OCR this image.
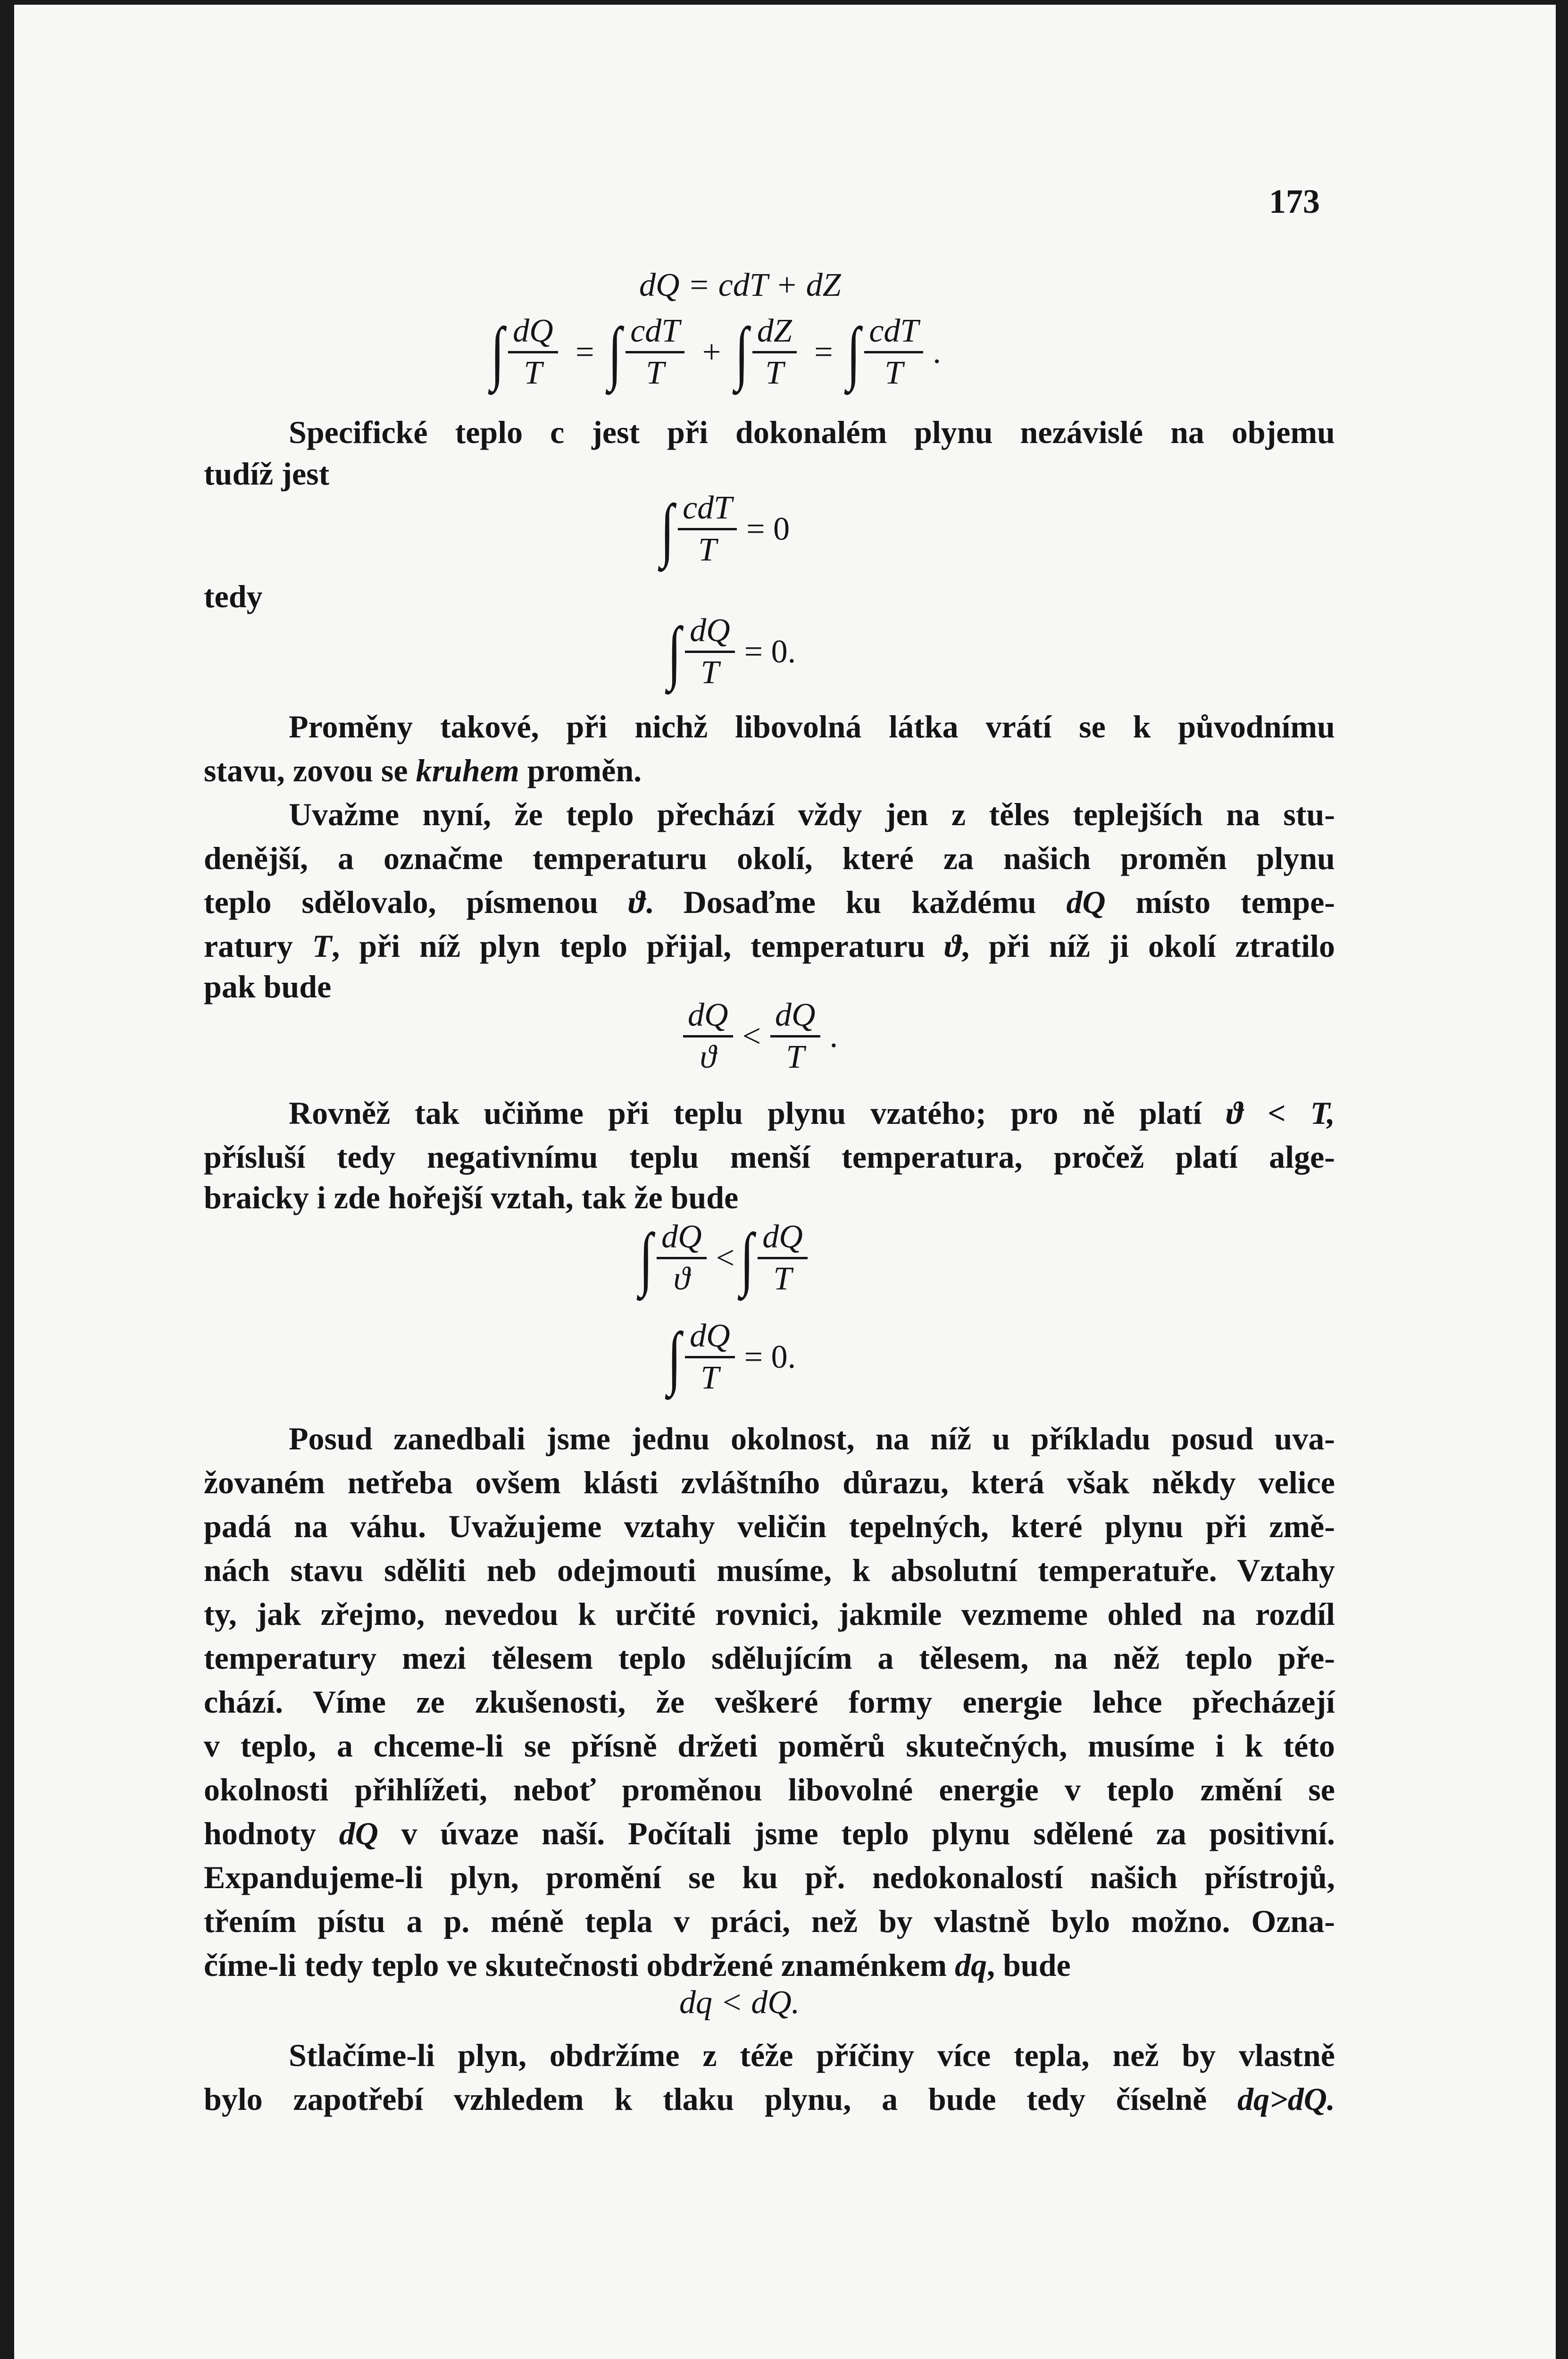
173
dQ = cdT + dZ
∫ $\frac{dQ}{T}$ = ∫ $\frac{\text{cdT}}{T}$ + ∫ $\frac{dZ}{T}$ = ∫ $\frac{\text{cdT}}{T}$ .
Specifické teplo c jest při dokonalém plynu nezávislé na objemu
tudíž jest
∫ $\frac{\text{cdT}}{T} = 0$
tedy
∫ $\frac{dQ}{T} = 0$.
Proměny takové, při nichž libovolná látka vrátí se k původnímu
stavu, zovou se kruhem proměn.
Uvažme nyní, že teplo přechází vždy jen z těles teplejších na stu-
denější, a označme temperaturu okolí, které za našich proměn plynu
teplo sdělovalo, písmenou ϑ. Dosaďme ku každému dQ místo tempe-
ratury T, při níž plyn teplo přijal, temperaturu ϑ, při níž ji okolí ztratilo
pak bude
$\frac{dQ}{ϑ} < \frac{dQ}{T}$ .
Rovněž tak učiňme při teplu plynu vzatého; pro ně platí ϑ < T,
přísluší tedy negativnímu teplu menší temperatura, pročež platí alge-
braicky i zde hořejší vztah, tak že bude
∫ $\frac{dQ}{ϑ}$ <∫ $\frac{dQ}{T}$
∫ $\frac{dQ}{T} = 0$.
Posud zanedbali jsme jednu okolnost, na níž u příkladu posud uva-
žovaném netřeba ovšem klásti zvláštního důrazu, která však někdy velice
padá na váhu. Uvažujeme vztahy veličin tepelných, které plynu při změ-
nách stavu sděliti neb odejmouti musíme, k absolutní temperatuře. Vztahy
ty, jak zřejmo, nevedou k určité rovnici, jakmile vezmeme ohled na rozdíl
temperatury mezi tělesem teplo sdělujícím a tělesem, na něž teplo pře-
chází. Víme ze zkušenosti, že veškeré formy energie lehce přecházejí
v teplo, a chceme-li se přísně držeti poměrů skutečných, musíme i k této
okolnosti přihlížeti, neboť proměnou libovolné energie v teplo změní se
hodnoty dQ v úvaze naší. Počítali jsme teplo plynu sdělené za positivní.
Expandujeme-li plyn, promění se ku př. nedokonalostí našich přístrojů,
třením pístu a p. méně tepla v práci, než by vlastně bylo možno. Ozna-
číme-li tedy teplo ve skutečnosti obdržené znaménkem dq, bude
dq < dQ.
Stlačíme-li plyn, obdržíme z téže příčiny více tepla, než by vlastně
bylo zapotřebí vzhledem k tlaku plynu, a bude tedy číselně dq>dQ.
